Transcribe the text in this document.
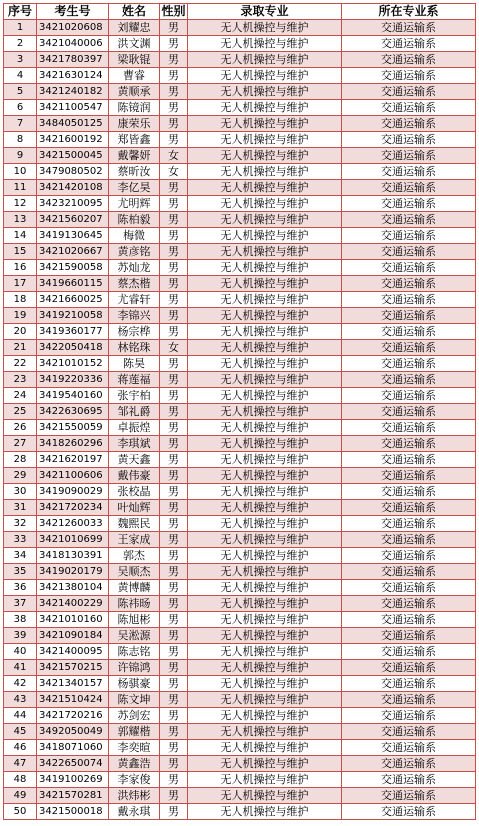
序号	考生号	姓名	性别	录取专业	所在专业系
1	3421020608	刘耀忠	男	无人机操控与维护	交通运输系
2	3421040006	洪文渊	男	无人机操控与维护	交通运输系
3	3421780397	梁耿锟	男	无人机操控与维护	交通运输系
4	3421630124	曹睿	男	无人机操控与维护	交通运输系
5	3421240182	黄顺承	男	无人机操控与维护	交通运输系
6	3421100547	陈镜润	男	无人机操控与维护	交通运输系
7	3484050125	康荣乐	男	无人机操控与维护	交通运输系
8	3421600192	郑皆鑫	男	无人机操控与维护	交通运输系
9	3421500045	戴馨妍	女	无人机操控与维护	交通运输系
10	3479080502	蔡昕汝	女	无人机操控与维护	交通运输系
11	3421420108	李亿昊	男	无人机操控与维护	交通运输系
12	3423210095	尤明辉	男	无人机操控与维护	交通运输系
13	3421560207	陈柏毅	男	无人机操控与维护	交通运输系
14	3419130645	梅微	男	无人机操控与维护	交通运输系
15	3421020667	黄彦铭	男	无人机操控与维护	交通运输系
16	3421590058	苏灿龙	男	无人机操控与维护	交通运输系
17	3419660115	蔡杰楷	男	无人机操控与维护	交通运输系
18	3421660025	尤睿轩	男	无人机操控与维护	交通运输系
19	3419210058	李锦兴	男	无人机操控与维护	交通运输系
20	3419360177	杨宗桦	男	无人机操控与维护	交通运输系
21	3422050418	林铭珠	女	无人机操控与维护	交通运输系
22	3421010152	陈昊	男	无人机操控与维护	交通运输系
23	3419220336	蒋莲福	男	无人机操控与维护	交通运输系
24	3419540160	张宇柏	男	无人机操控与维护	交通运输系
25	3422630695	邹礼爵	男	无人机操控与维护	交通运输系
26	3421550059	卓振煌	男	无人机操控与维护	交通运输系
27	3418260296	李琪斌	男	无人机操控与维护	交通运输系
28	3421620197	黄天鑫	男	无人机操控与维护	交通运输系
29	3421100606	戴伟豪	男	无人机操控与维护	交通运输系
30	3419090029	张校晶	男	无人机操控与维护	交通运输系
31	3421720234	叶灿辉	男	无人机操控与维护	交通运输系
32	3421260033	魏熙民	男	无人机操控与维护	交通运输系
33	3421010699	王家成	男	无人机操控与维护	交通运输系
34	3418130391	郭杰	男	无人机操控与维护	交通运输系
35	3419020179	吴顺杰	男	无人机操控与维护	交通运输系
36	3421380104	黄博麟	男	无人机操控与维护	交通运输系
37	3421400229	陈祎旸	男	无人机操控与维护	交通运输系
38	3421010160	陈旭彬	男	无人机操控与维护	交通运输系
39	3421090184	吴淞源	男	无人机操控与维护	交通运输系
40	3421400095	陈志铭	男	无人机操控与维护	交通运输系
41	3421570215	许锦鸿	男	无人机操控与维护	交通运输系
42	3421340157	杨骐豪	男	无人机操控与维护	交通运输系
43	3421510424	陈文坤	男	无人机操控与维护	交通运输系
44	3421720216	苏剑宏	男	无人机操控与维护	交通运输系
45	3492050049	郭耀楷	男	无人机操控与维护	交通运输系
46	3418071060	李奕暄	男	无人机操控与维护	交通运输系
47	3422650074	黄鑫浩	男	无人机操控与维护	交通运输系
48	3419100269	李家俊	男	无人机操控与维护	交通运输系
49	3421570281	洪炜彬	男	无人机操控与维护	交通运输系
50	3421500018	戴永琪	男	无人机操控与维护	交通运输系
